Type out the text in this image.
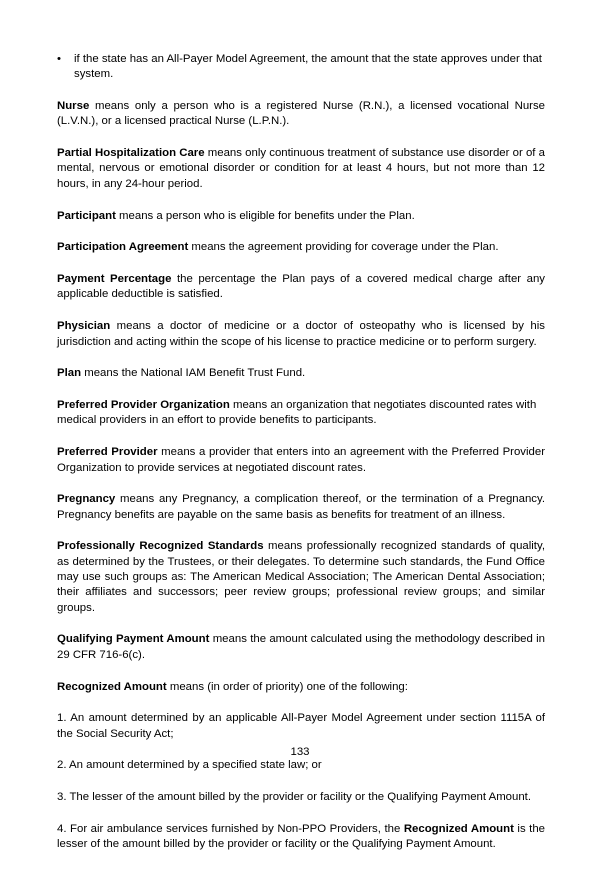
• if the state has an All-Payer Model Agreement, the amount that the state approves under that system.

Nurse means only a person who is a registered Nurse (R.N.), a licensed vocational Nurse (L.V.N.), or a licensed practical Nurse (L.P.N.).

Partial Hospitalization Care means only continuous treatment of substance use disorder or of a mental, nervous or emotional disorder or condition for at least 4 hours, but not more than 12 hours, in any 24-hour period.

Participant means a person who is eligible for benefits under the Plan.

Participation Agreement means the agreement providing for coverage under the Plan.

Payment Percentage the percentage the Plan pays of a covered medical charge after any applicable deductible is satisfied.

Physician means a doctor of medicine or a doctor of osteopathy who is licensed by his jurisdiction and acting within the scope of his license to practice medicine or to perform surgery.

Plan means the National IAM Benefit Trust Fund.

Preferred Provider Organization means an organization that negotiates discounted rates with medical providers in an effort to provide benefits to participants.

Preferred Provider means a provider that enters into an agreement with the Preferred Provider Organization to provide services at negotiated discount rates.

Pregnancy means any Pregnancy, a complication thereof, or the termination of a Pregnancy. Pregnancy benefits are payable on the same basis as benefits for treatment of an illness.

Professionally Recognized Standards means professionally recognized standards of quality, as determined by the Trustees, or their delegates. To determine such standards, the Fund Office may use such groups as: The American Medical Association; The American Dental Association; their affiliates and successors; peer review groups; professional review groups; and similar groups.

Qualifying Payment Amount means the amount calculated using the methodology described in 29 CFR 716-6(c).

Recognized Amount means (in order of priority) one of the following:

1. An amount determined by an applicable All-Payer Model Agreement under section 1115A of the Social Security Act;

2. An amount determined by a specified state law; or

3. The lesser of the amount billed by the provider or facility or the Qualifying Payment Amount.

4. For air ambulance services furnished by Non-PPO Providers, the Recognized Amount is the lesser of the amount billed by the provider or facility or the Qualifying Payment Amount.

133
